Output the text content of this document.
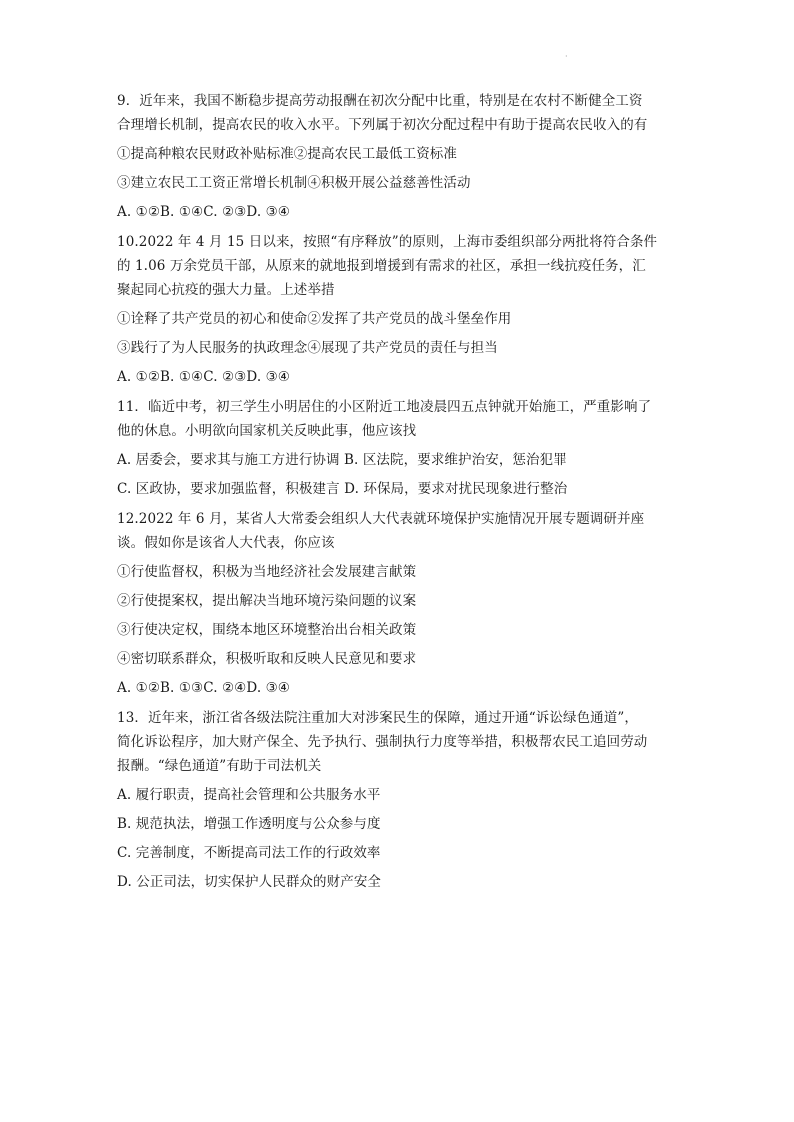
·
9．近年来，我国不断稳步提高劳动报酬在初次分配中比重，特别是在农村不断健全工资
合理增长机制，提高农民的收入水平。下列属于初次分配过程中有助于提高农民收入的有
①提高种粮农民财政补贴标准②提高农民工最低工资标准
③建立农民工工资正常增长机制④积极开展公益慈善性活动
A. ①②B. ①④C. ②③D. ③④
10.2022 年 4 月 15 日以来，按照“有序释放”的原则，上海市委组织部分两批将符合条件
的 1.06 万余党员干部，从原来的就地报到增援到有需求的社区，承担一线抗疫任务，汇
聚起同心抗疫的强大力量。上述举措
①诠释了共产党员的初心和使命②发挥了共产党员的战斗堡垒作用
③践行了为人民服务的执政理念④展现了共产党员的责任与担当
A. ①②B. ①④C. ②③D. ③④
11．临近中考，初三学生小明居住的小区附近工地凌晨四五点钟就开始施工，严重影响了
他的休息。小明欲向国家机关反映此事，他应该找
A. 居委会，要求其与施工方进行协调 B. 区法院，要求维护治安，惩治犯罪
C. 区政协，要求加强监督，积极建言 D. 环保局，要求对扰民现象进行整治
12.2022 年 6 月，某省人大常委会组织人大代表就环境保护实施情况开展专题调研并座
谈。假如你是该省人大代表，你应该
①行使监督权，积极为当地经济社会发展建言献策
②行使提案权，提出解决当地环境污染问题的议案
③行使决定权，围绕本地区环境整治出台相关政策
④密切联系群众，积极听取和反映人民意见和要求
A. ①②B. ①③C. ②④D. ③④
13．近年来，浙江省各级法院注重加大对涉案民生的保障，通过开通“诉讼绿色通道”，
简化诉讼程序，加大财产保全、先予执行、强制执行力度等举措，积极帮农民工追回劳动
报酬。“绿色通道”有助于司法机关
A. 履行职责，提高社会管理和公共服务水平
B. 规范执法，增强工作透明度与公众参与度
C. 完善制度，不断提高司法工作的行政效率
D. 公正司法，切实保护人民群众的财产安全
